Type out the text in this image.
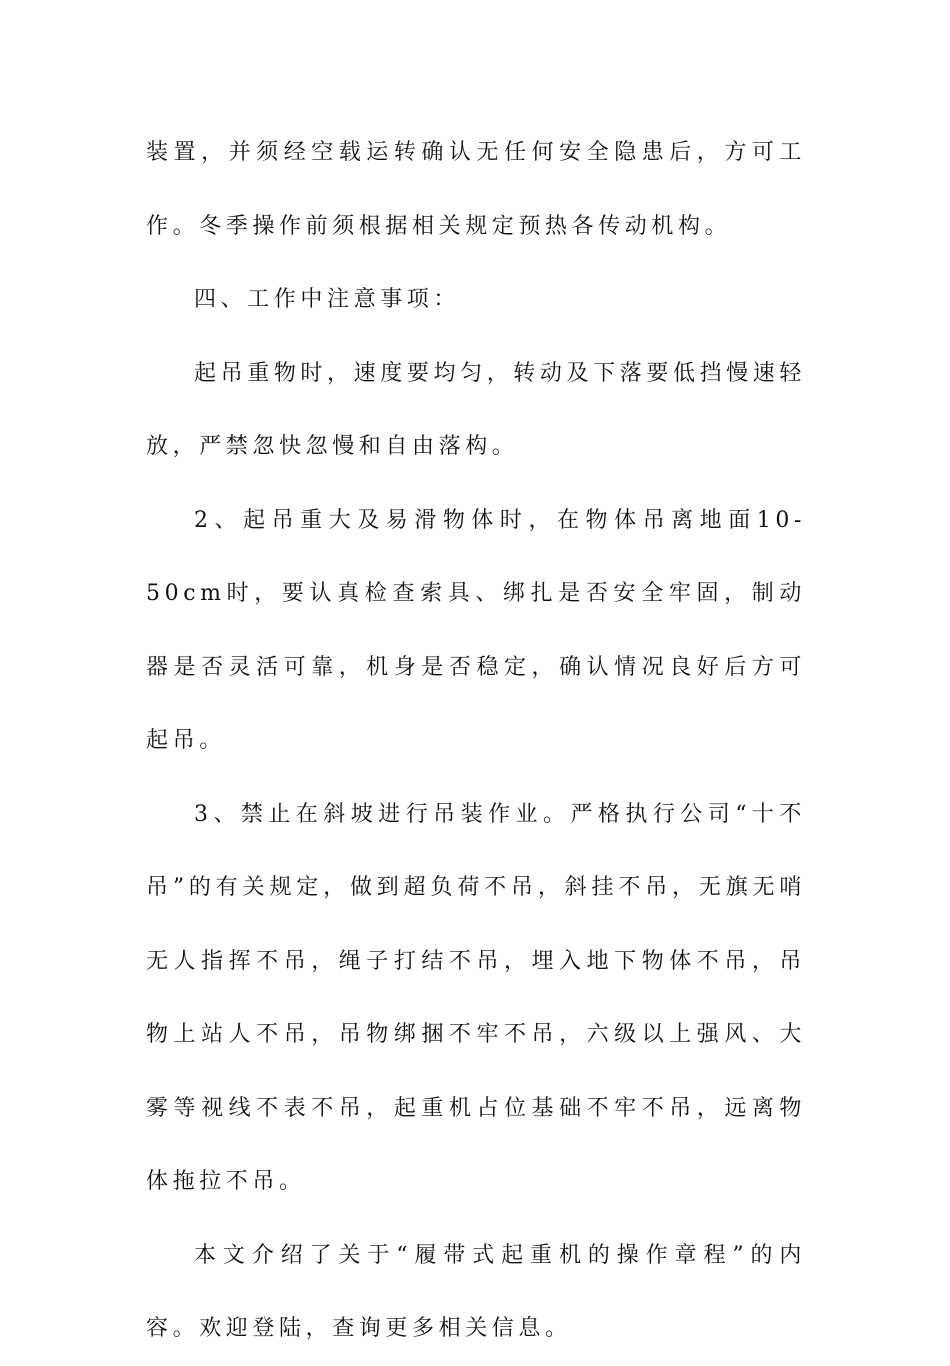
装置，并须经空载运转确认无任何安全隐患后，方可工作。冬季操作前须根据相关规定预热各传动机构。

四、工作中注意事项：

起吊重物时，速度要均匀，转动及下落要低挡慢速轻放，严禁忽快忽慢和自由落构。

2、起吊重大及易滑物体时，在物体吊离地面10-50cm时，要认真检查索具、绑扎是否安全牢固，制动器是否灵活可靠，机身是否稳定，确认情况良好后方可起吊。

3、禁止在斜坡进行吊装作业。严格执行公司“十不吊”的有关规定，做到超负荷不吊，斜挂不吊，无旗无哨无人指挥不吊，绳子打结不吊，埋入地下物体不吊，吊物上站人不吊，吊物绑捆不牢不吊，六级以上强风、大雾等视线不表不吊，起重机占位基础不牢不吊，远离物体拖拉不吊。

本文介绍了关于“履带式起重机的操作章程”的内容。欢迎登陆，查询更多相关信息。
